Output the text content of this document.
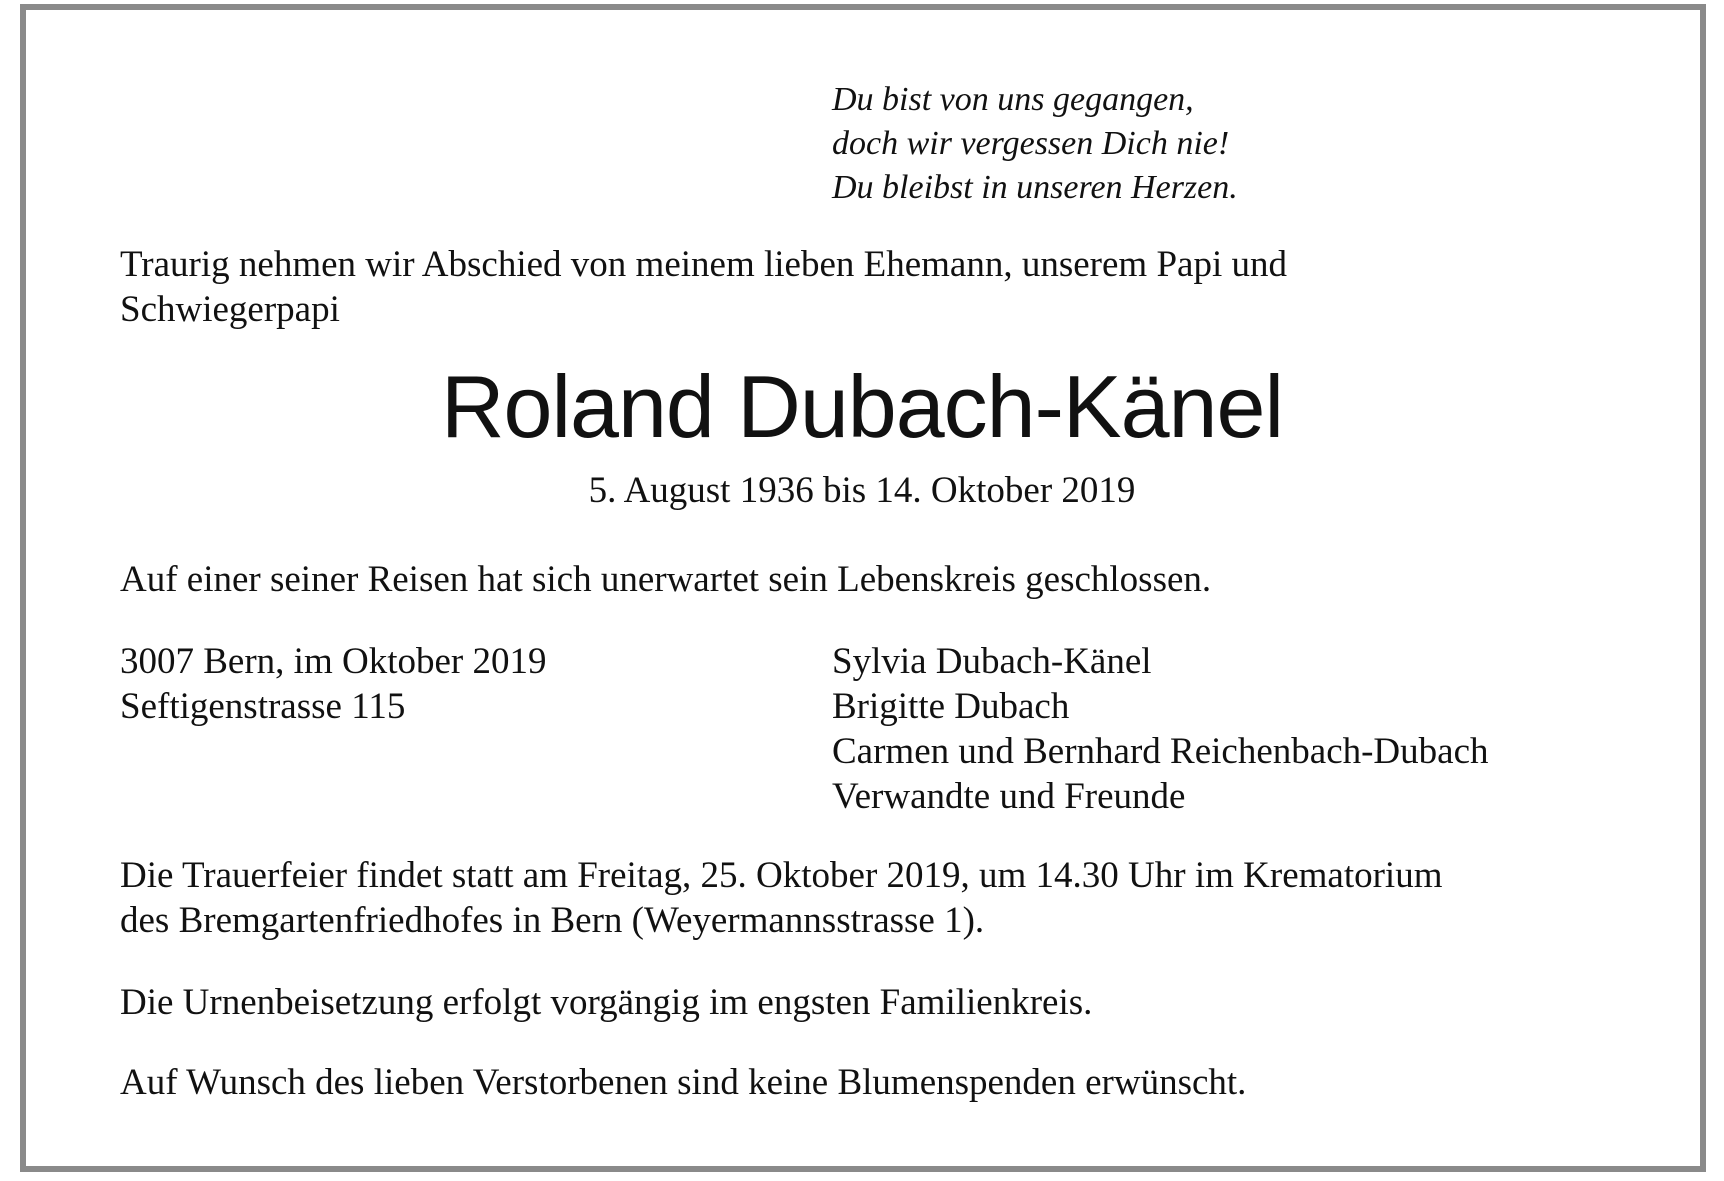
Du bist von uns gegangen,
doch wir vergessen Dich nie!
Du bleibst in unseren Herzen.
Traurig nehmen wir Abschied von meinem lieben Ehemann, unserem Papi und
Schwiegerpapi
Roland Dubach-Känel
5. August 1936 bis 14. Oktober 2019
Auf einer seiner Reisen hat sich unerwartet sein Lebenskreis geschlossen.
3007 Bern, im Oktober 2019
Seftigenstrasse 115
Sylvia Dubach-Känel
Brigitte Dubach
Carmen und Bernhard Reichenbach-Dubach
Verwandte und Freunde
Die Trauerfeier findet statt am Freitag, 25. Oktober 2019, um 14.30 Uhr im Krematorium
des Bremgartenfriedhofes in Bern (Weyermannsstrasse 1).
Die Urnenbeisetzung erfolgt vorgängig im engsten Familienkreis.
Auf Wunsch des lieben Verstorbenen sind keine Blumenspenden erwünscht.
